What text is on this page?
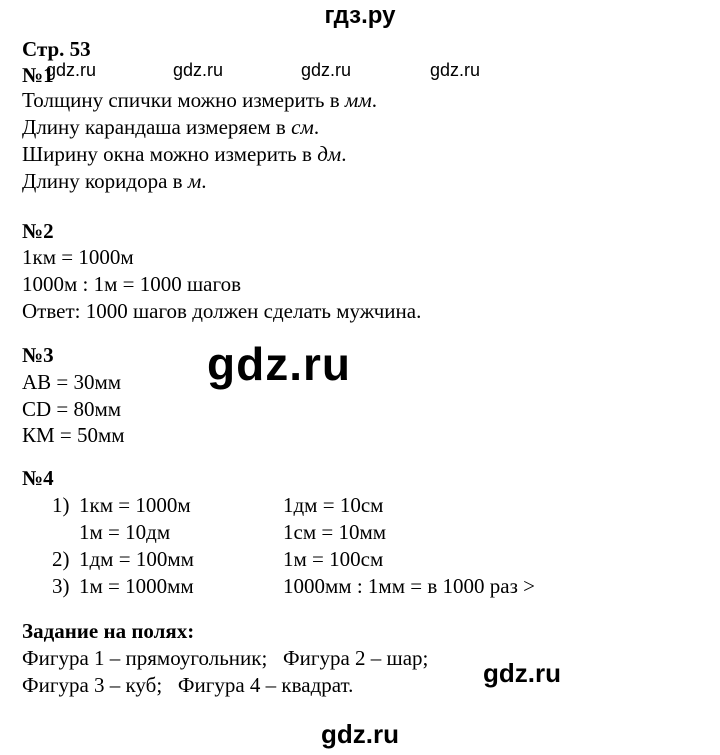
гдз.ру
Стр. 53
№1
gdz.ru	gdz.ru	gdz.ru	gdz.ru
Толщину спички можно измерить в мм.
Длину карандаша измеряем в см.
Ширину окна можно измерить в дм.
Длину коридора в м.
№2
1км = 1000м
1000м : 1м = 1000 шагов
Ответ: 1000 шагов должен сделать мужчина.
№3
АВ = 30мм
CD = 80мм
КМ = 50мм
gdz.ru
№4
1) 1км = 1000м	1дм = 10см
1м = 10дм	1см = 10мм
2) 1дм = 100мм	1м = 100см
3) 1м = 1000мм	1000мм : 1мм = в 1000 раз >
Задание на полях:
Фигура 1 – прямоугольник;   Фигура 2 – шар;
Фигура 3 – куб;   Фигура 4 – квадрат.	gdz.ru
gdz.ru
